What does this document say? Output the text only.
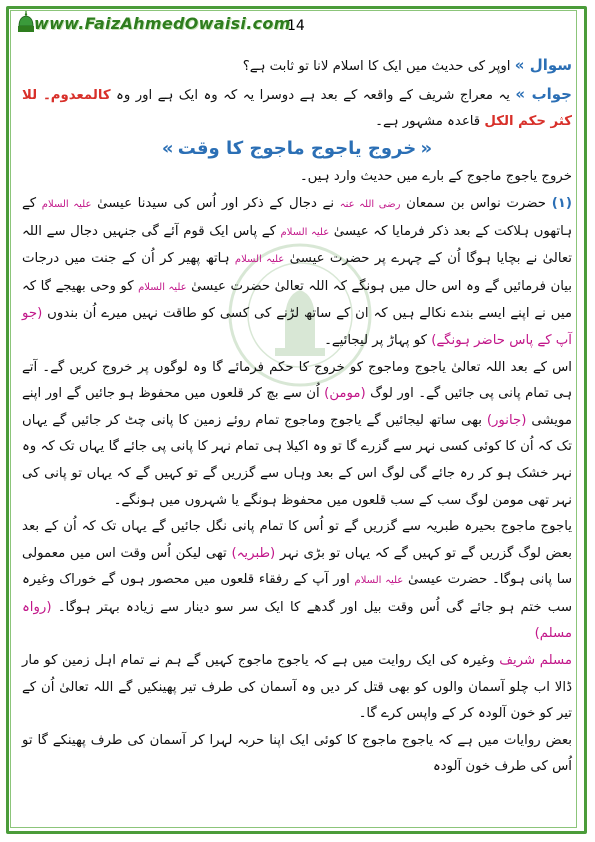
www.FaizAhmedOwaisi.com
14

سوال » اوپر کی حدیث میں ایک کا اسلام لانا تو ثابت ہے؟

جواب » یہ معراج شریف کے واقعہ کے بعد ہے دوسرا یہ کہ وہ ایک ہے اور وہ کالمعدوم۔ للا کثر حکم الکل قاعدہ مشہور ہے۔

« خروج یاجوج ماجوج کا وقت »

خروج یاجوج ماجوج کے بارے میں حدیث وارد ہیں۔

(۱) حضرت نواس بن سمعان رضی اللہ عنہ نے دجال کے ذکر اور اُس کی سیدنا عیسیٰ علیہ السلام کے ہاتھوں ہلاکت کے بعد ذکر فرمایا کہ عیسیٰ علیہ السلام کے پاس ایک قوم آئے گی جنہیں دجال سے اللہ تعالیٰ نے بچایا ہوگا اُن کے چہرے پر حضرت عیسیٰ علیہ السلام ہاتھ پھیر کر اُن کے جنت میں درجات بیان فرمائیں گے وہ اس حال میں ہونگے کہ اللہ تعالیٰ حضرت عیسیٰ علیہ السلام کو وحی بھیجے گا کہ میں نے اپنے ایسے بندے نکالے ہیں کہ ان کے ساتھ لڑنے کی کسی کو طاقت نہیں میرے اُن بندوں (جو آپ کے پاس حاضر ہونگے) کو پہاڑ پر لیجائیے۔

اس کے بعد اللہ تعالیٰ یاجوج وماجوج کو خروج کا حکم فرمائے گا وہ لوگوں پر خروج کریں گے۔ آتے ہی تمام پانی پی جائیں گے۔ اور لوگ (مومن) اُن سے بچ کر قلعوں میں محفوظ ہو جائیں گے اور اپنے مویشی (جانور) بھی ساتھ لیجائیں گے یاجوج وماجوج تمام روئے زمین کا پانی چٹ کر جائیں گے یہاں تک کہ اُن کا کوئی کسی نہر سے گزرے گا تو وہ اکیلا ہی تمام نہر کا پانی پی جائے گا یہاں تک کہ وہ نہر خشک ہو کر رہ جائے گی لوگ اس کے بعد وہاں سے گزریں گے تو کہیں گے کہ یہاں تو پانی کی نہر تھی مومن لوگ سب کے سب قلعوں میں محفوظ ہونگے یا شہروں میں ہونگے۔

یاجوج ماجوج بحیرہ طبریہ سے گزریں گے تو اُس کا تمام پانی نگل جائیں گے یہاں تک کہ اُن کے بعد بعض لوگ گزریں گے تو کہیں گے کہ یہاں تو بڑی نہر (طبریہ) تھی لیکن اُس وقت اس میں معمولی سا پانی ہوگا۔ حضرت عیسیٰ علیہ السلام اور آپ کے رفقاء قلعوں میں محصور ہوں گے خوراک وغیرہ سب ختم ہو جائے گی اُس وقت بیل اور گدھے کا ایک سر سو دینار سے زیادہ بہتر ہوگا۔ (رواہ مسلم)

مسلم شریف وغیرہ کی ایک روایت میں ہے کہ یاجوج ماجوج کہیں گے ہم نے تمام اہل زمین کو مار ڈالا اب چلو آسمان والوں کو بھی قتل کر دیں وہ آسمان کی طرف تیر پھینکیں گے اللہ تعالیٰ اُن کے تیر کو خون آلودہ کر کے واپس کرے گا۔

بعض روایات میں ہے کہ یاجوج ماجوج کا کوئی ایک اپنا حربہ لہرا کر آسمان کی طرف پھینکے گا تو اُس کی طرف خون آلودہ
